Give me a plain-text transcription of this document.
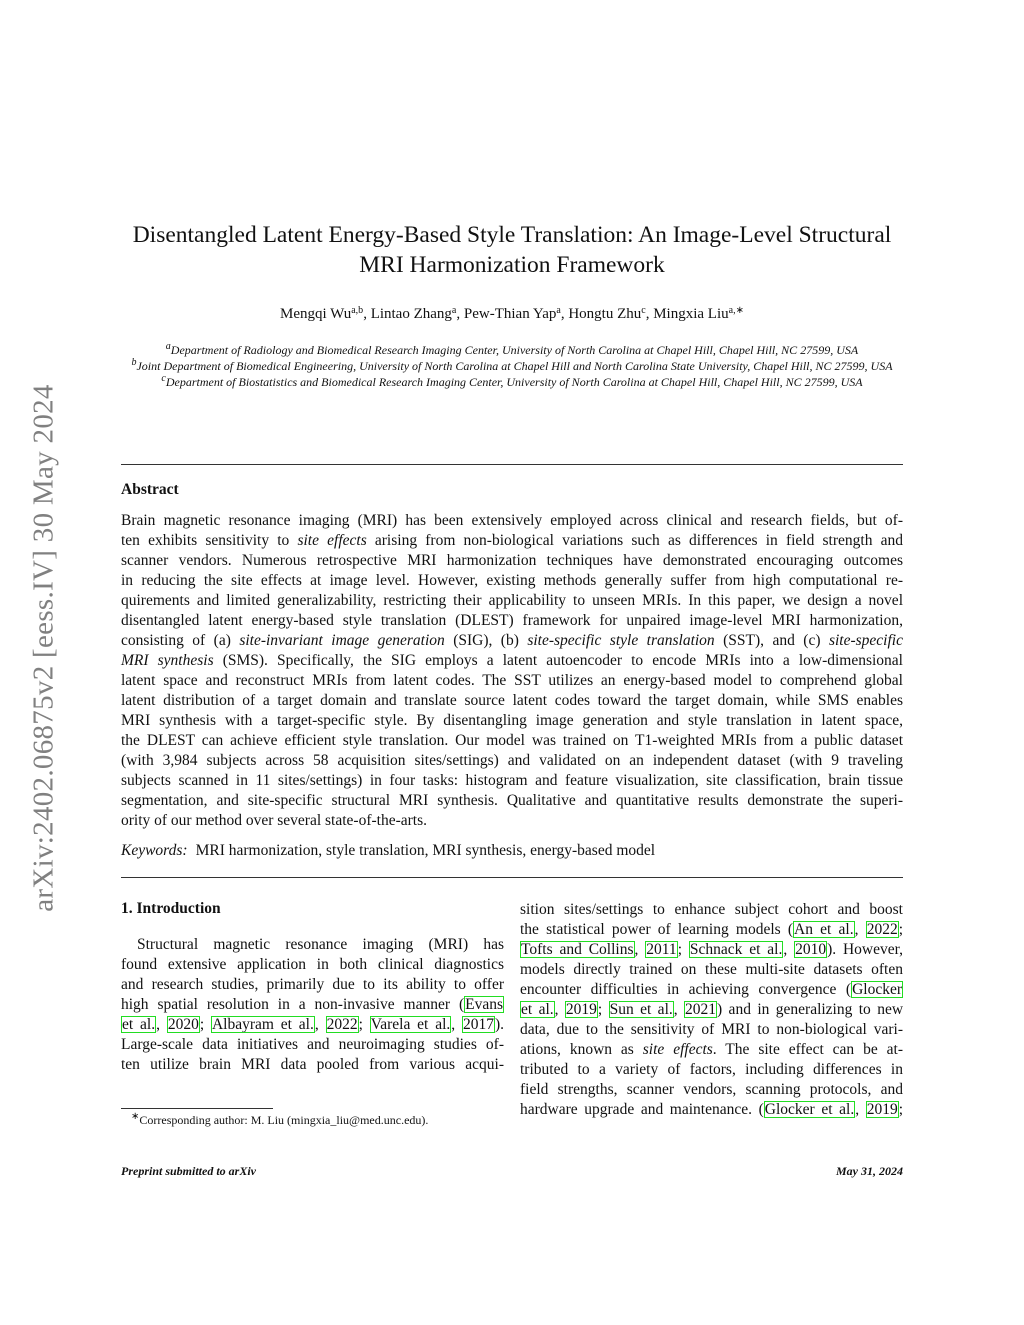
arXiv:2402.06875v2 [eess.IV] 30 May 2024
Disentangled Latent Energy-Based Style Translation: An Image-Level Structural
MRI Harmonization Framework
Mengqi Wu$^{a,b}$, Lintao Zhang$^a$, Pew-Thian Yap$^a$, Hongtu Zhu$^c$, Mingxia Liu$^{a,∗}$
$^a$Department of Radiology and Biomedical Research Imaging Center, University of North Carolina at Chapel Hill, Chapel Hill, NC 27599, USA
$^b$Joint Department of Biomedical Engineering, University of North Carolina at Chapel Hill and North Carolina State University, Chapel Hill, NC 27599, USA
$^c$Department of Biostatistics and Biomedical Research Imaging Center, University of North Carolina at Chapel Hill, Chapel Hill, NC 27599, USA
Abstract
Brain magnetic resonance imaging (MRI) has been extensively employed across clinical and research fields, but of-
ten exhibits sensitivity to site effects arising from non-biological variations such as differences in field strength and
scanner vendors. Numerous retrospective MRI harmonization techniques have demonstrated encouraging outcomes
in reducing the site effects at image level. However, existing methods generally suffer from high computational re-
quirements and limited generalizability, restricting their applicability to unseen MRIs. In this paper, we design a novel
disentangled latent energy-based style translation (DLEST) framework for unpaired image-level MRI harmonization,
consisting of (a) site-invariant image generation (SIG), (b) site-specific style translation (SST), and (c) site-specific
MRI synthesis (SMS). Specifically, the SIG employs a latent autoencoder to encode MRIs into a low-dimensional
latent space and reconstruct MRIs from latent codes. The SST utilizes an energy-based model to comprehend global
latent distribution of a target domain and translate source latent codes toward the target domain, while SMS enables
MRI synthesis with a target-specific style. By disentangling image generation and style translation in latent space,
the DLEST can achieve efficient style translation. Our model was trained on T1-weighted MRIs from a public dataset
(with 3,984 subjects across 58 acquisition sites/settings) and validated on an independent dataset (with 9 traveling
subjects scanned in 11 sites/settings) in four tasks: histogram and feature visualization, site classification, brain tissue
segmentation, and site-specific structural MRI synthesis. Qualitative and quantitative results demonstrate the superi-
ority of our method over several state-of-the-arts.
Keywords: MRI harmonization, style translation, MRI synthesis, energy-based model
1. Introduction
Structural magnetic resonance imaging (MRI) has
found extensive application in both clinical diagnostics
and research studies, primarily due to its ability to offer
high spatial resolution in a non-invasive manner (Evans
et al., 2020; Albayram et al., 2022; Varela et al., 2017).
Large-scale data initiatives and neuroimaging studies of-
ten utilize brain MRI data pooled from various acqui-
sition sites/settings to enhance subject cohort and boost
the statistical power of learning models (An et al., 2022;
Tofts and Collins, 2011; Schnack et al., 2010). However,
models directly trained on these multi-site datasets often
encounter difficulties in achieving convergence (Glocker
et al., 2019; Sun et al., 2021) and in generalizing to new
data, due to the sensitivity of MRI to non-biological vari-
ations, known as site effects. The site effect can be at-
tributed to a variety of factors, including differences in
field strengths, scanner vendors, scanning protocols, and
hardware upgrade and maintenance. (Glocker et al., 2019;
∗Corresponding author: M. Liu (mingxia_liu@med.unc.edu).
Preprint submitted to arXiv	May 31, 2024
